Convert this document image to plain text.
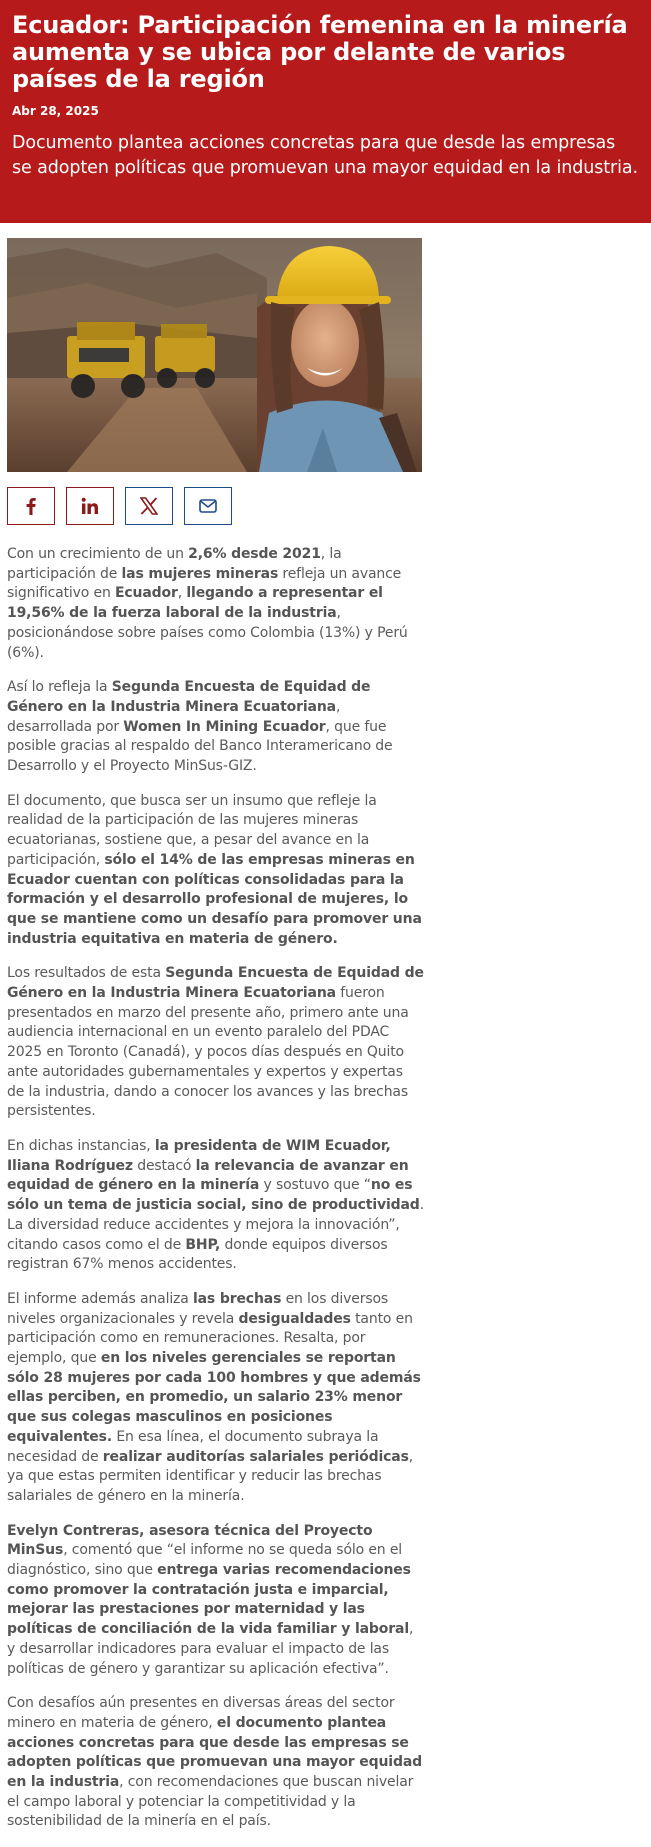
Ecuador: Participación femenina en la minería aumenta y se ubica por delante de varios países de la región
Abr 28, 2025

Documento plantea acciones concretas para que desde las empresas se adopten políticas que promuevan una mayor equidad en la industria.

Con un crecimiento de un 2,6% desde 2021, la participación de las mujeres mineras refleja un avance significativo en Ecuador, llegando a representar el 19,56% de la fuerza laboral de la industria, posicionándose sobre países como Colombia (13%) y Perú (6%).

Así lo refleja la Segunda Encuesta de Equidad de Género en la Industria Minera Ecuatoriana, desarrollada por Women In Mining Ecuador, que fue posible gracias al respaldo del Banco Interamericano de Desarrollo y el Proyecto MinSus-GIZ.

El documento, que busca ser un insumo que refleje la realidad de la participación de las mujeres mineras ecuatorianas, sostiene que, a pesar del avance en la participación, sólo el 14% de las empresas mineras en Ecuador cuentan con políticas consolidadas para la formación y el desarrollo profesional de mujeres, lo que se mantiene como un desafío para promover una industria equitativa en materia de género.

Los resultados de esta Segunda Encuesta de Equidad de Género en la Industria Minera Ecuatoriana fueron presentados en marzo del presente año, primero ante una audiencia internacional en un evento paralelo del PDAC 2025 en Toronto (Canadá), y pocos días después en Quito ante autoridades gubernamentales y expertos y expertas de la industria, dando a conocer los avances y las brechas persistentes.

En dichas instancias, la presidenta de WIM Ecuador, Iliana Rodríguez destacó la relevancia de avanzar en equidad de género en la minería y sostuvo que “no es sólo un tema de justicia social, sino de productividad. La diversidad reduce accidentes y mejora la innovación”, citando casos como el de BHP, donde equipos diversos registran 67% menos accidentes.

El informe además analiza las brechas en los diversos niveles organizacionales y revela desigualdades tanto en participación como en remuneraciones. Resalta, por ejemplo, que en los niveles gerenciales se reportan sólo 28 mujeres por cada 100 hombres y que además ellas perciben, en promedio, un salario 23% menor que sus colegas masculinos en posiciones equivalentes. En esa línea, el documento subraya la necesidad de realizar auditorías salariales periódicas, ya que estas permiten identificar y reducir las brechas salariales de género en la minería.

Evelyn Contreras, asesora técnica del Proyecto MinSus, comentó que “el informe no se queda sólo en el diagnóstico, sino que entrega varias recomendaciones como promover la contratación justa e imparcial, mejorar las prestaciones por maternidad y las políticas de conciliación de la vida familiar y laboral, y desarrollar indicadores para evaluar el impacto de las políticas de género y garantizar su aplicación efectiva”.

Con desafíos aún presentes en diversas áreas del sector minero en materia de género, el documento plantea acciones concretas para que desde las empresas se adopten políticas que promuevan una mayor equidad en la industria, con recomendaciones que buscan nivelar el campo laboral y potenciar la competitividad y la sostenibilidad de la minería en el país.
